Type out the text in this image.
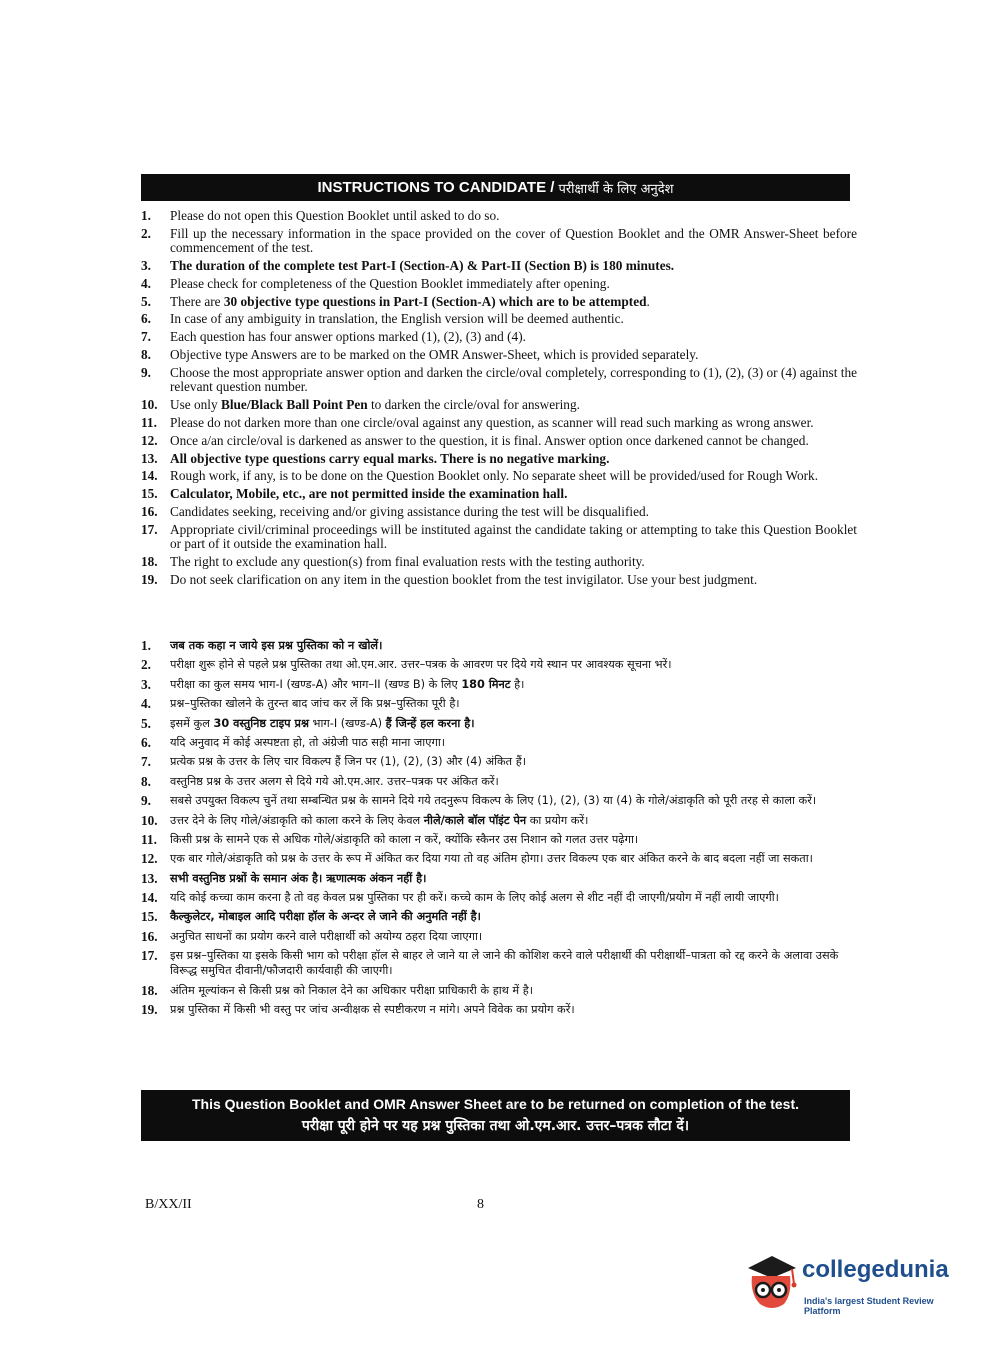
INSTRUCTIONS TO CANDIDATE / परीक्षार्थी के लिए अनुदेश
1.	Please do not open this Question Booklet until asked to do so.
2.	Fill up the necessary information in the space provided on the cover of Question Booklet and the OMR Answer-Sheet before commencement of the test.
3.	The duration of the complete test Part-I (Section-A) & Part-II (Section B) is 180 minutes.
4.	Please check for completeness of the Question Booklet immediately after opening.
5.	There are 30 objective type questions in Part-I (Section-A) which are to be attempted.
6.	In case of any ambiguity in translation, the English version will be deemed authentic.
7.	Each question has four answer options marked (1), (2), (3) and (4).
8.	Objective type Answers are to be marked on the OMR Answer-Sheet, which is provided separately.
9.	Choose the most appropriate answer option and darken the circle/oval completely, corresponding to (1), (2), (3) or (4) against the relevant question number.
10. Use only Blue/Black Ball Point Pen to darken the circle/oval for answering.
11. Please do not darken more than one circle/oval against any question, as scanner will read such marking as wrong answer.
12. Once a/an circle/oval is darkened as answer to the question, it is final. Answer option once darkened cannot be changed.
13. All objective type questions carry equal marks. There is no negative marking.
14. Rough work, if any, is to be done on the Question Booklet only. No separate sheet will be provided/used for Rough Work.
15. Calculator, Mobile, etc., are not permitted inside the examination hall.
16. Candidates seeking, receiving and/or giving assistance during the test will be disqualified.
17. Appropriate civil/criminal proceedings will be instituted against the candidate taking or attempting to take this Question Booklet or part of it outside the examination hall.
18. The right to exclude any question(s) from final evaluation rests with the testing authority.
19. Do not seek clarification on any item in the question booklet from the test invigilator. Use your best judgment.
1.	जब तक कहा न जाये इस प्रश्न पुस्तिका को न खोलें।
2.	परीक्षा शुरू होने से पहले प्रश्न पुस्तिका तथा ओ.एम.आर. उत्तर–पत्रक के आवरण पर दिये गये स्थान पर आवश्यक सूचना भरें।
3.	परीक्षा का कुल समय भाग-I (खण्ड-A) और भाग–II (खण्ड B) के लिए 180 मिनट है।
4.	प्रश्न–पुस्तिका खोलने के तुरन्त बाद जांच कर लें कि प्रश्न–पुस्तिका पूरी है।
5.	इसमें कुल 30 वस्तुनिष्ठ टाइप प्रश्न भाग-I (खण्ड-A) हैं जिन्हें हल करना है।
6.	यदि अनुवाद में कोई अस्पष्टता हो, तो अंग्रेजी पाठ सही माना जाएगा।
7.	प्रत्येक प्रश्न के उत्तर के लिए चार विकल्प हैं जिन पर (1), (2), (3) और (4) अंकित हैं।
8.	वस्तुनिष्ठ प्रश्न के उत्तर अलग से दिये गये ओ.एम.आर. उत्तर–पत्रक पर अंकित करें।
9.	सबसे उपयुक्त विकल्प चुनें तथा सम्बन्धित प्रश्न के सामने दिये गये तदनुरूप विकल्प के लिए (1), (2), (3) या (4) के गोले/अंडाकृति को पूरी तरह से काला करें।
10.	उत्तर देने के लिए गोले/अंडाकृति को काला करने के लिए केवल नीले/काले बॉल पॉइंट पेन का प्रयोग करें।
11.	किसी प्रश्न के सामने एक से अधिक गोले/अंडाकृति को काला न करें, क्योंकि स्कैनर उस निशान को गलत उत्तर पढ़ेगा।
12.	एक बार गोले/अंडाकृति को प्रश्न के उत्तर के रूप में अंकित कर दिया गया तो वह अंतिम होगा। उत्तर विकल्प एक बार अंकित करने के बाद बदला नहीं जा सकता।
13.	सभी वस्तुनिष्ठ प्रश्नों के समान अंक है। ऋणात्मक अंकन नहीं है।
14.	यदि कोई कच्चा काम करना है तो वह केवल प्रश्न पुस्तिका पर ही करें। कच्चे काम के लिए कोई अलग से शीट नहीं दी जाएगी/प्रयोग में नहीं लायी जाएगी।
15.	कैल्कुलेटर, मोबाइल आदि परीक्षा हॉल के अन्दर ले जाने की अनुमति नहीं है।
16.	अनुचित साधनों का प्रयोग करने वाले परीक्षार्थी को अयोग्य ठहरा दिया जाएगा।
17.	इस प्रश्न–पुस्तिका या इसके किसी भाग को परीक्षा हॉल से बाहर ले जाने या ले जाने की कोशिश करने वाले परीक्षार्थी की परीक्षार्थी–पात्रता को रद्द करने के अलावा उसके विरूद्ध समुचित दीवानी/फौजदारी कार्यवाही की जाएगी।
18.	अंतिम मूल्यांकन से किसी प्रश्न को निकाल देने का अधिकार परीक्षा प्राधिकारी के हाथ में है।
19.	प्रश्न पुस्तिका में किसी भी वस्तु पर जांच अन्वीक्षक से स्पष्टीकरण न मांगे। अपने विवेक का प्रयोग करें।
This Question Booklet and OMR Answer Sheet are to be returned on completion of the test.
परीक्षा पूरी होने पर यह प्रश्न पुस्तिका तथा ओ.एम.आर. उत्तर–पत्रक लौटा दें।
B/XX/II	8
collegedunia
India's largest Student Review Platform
